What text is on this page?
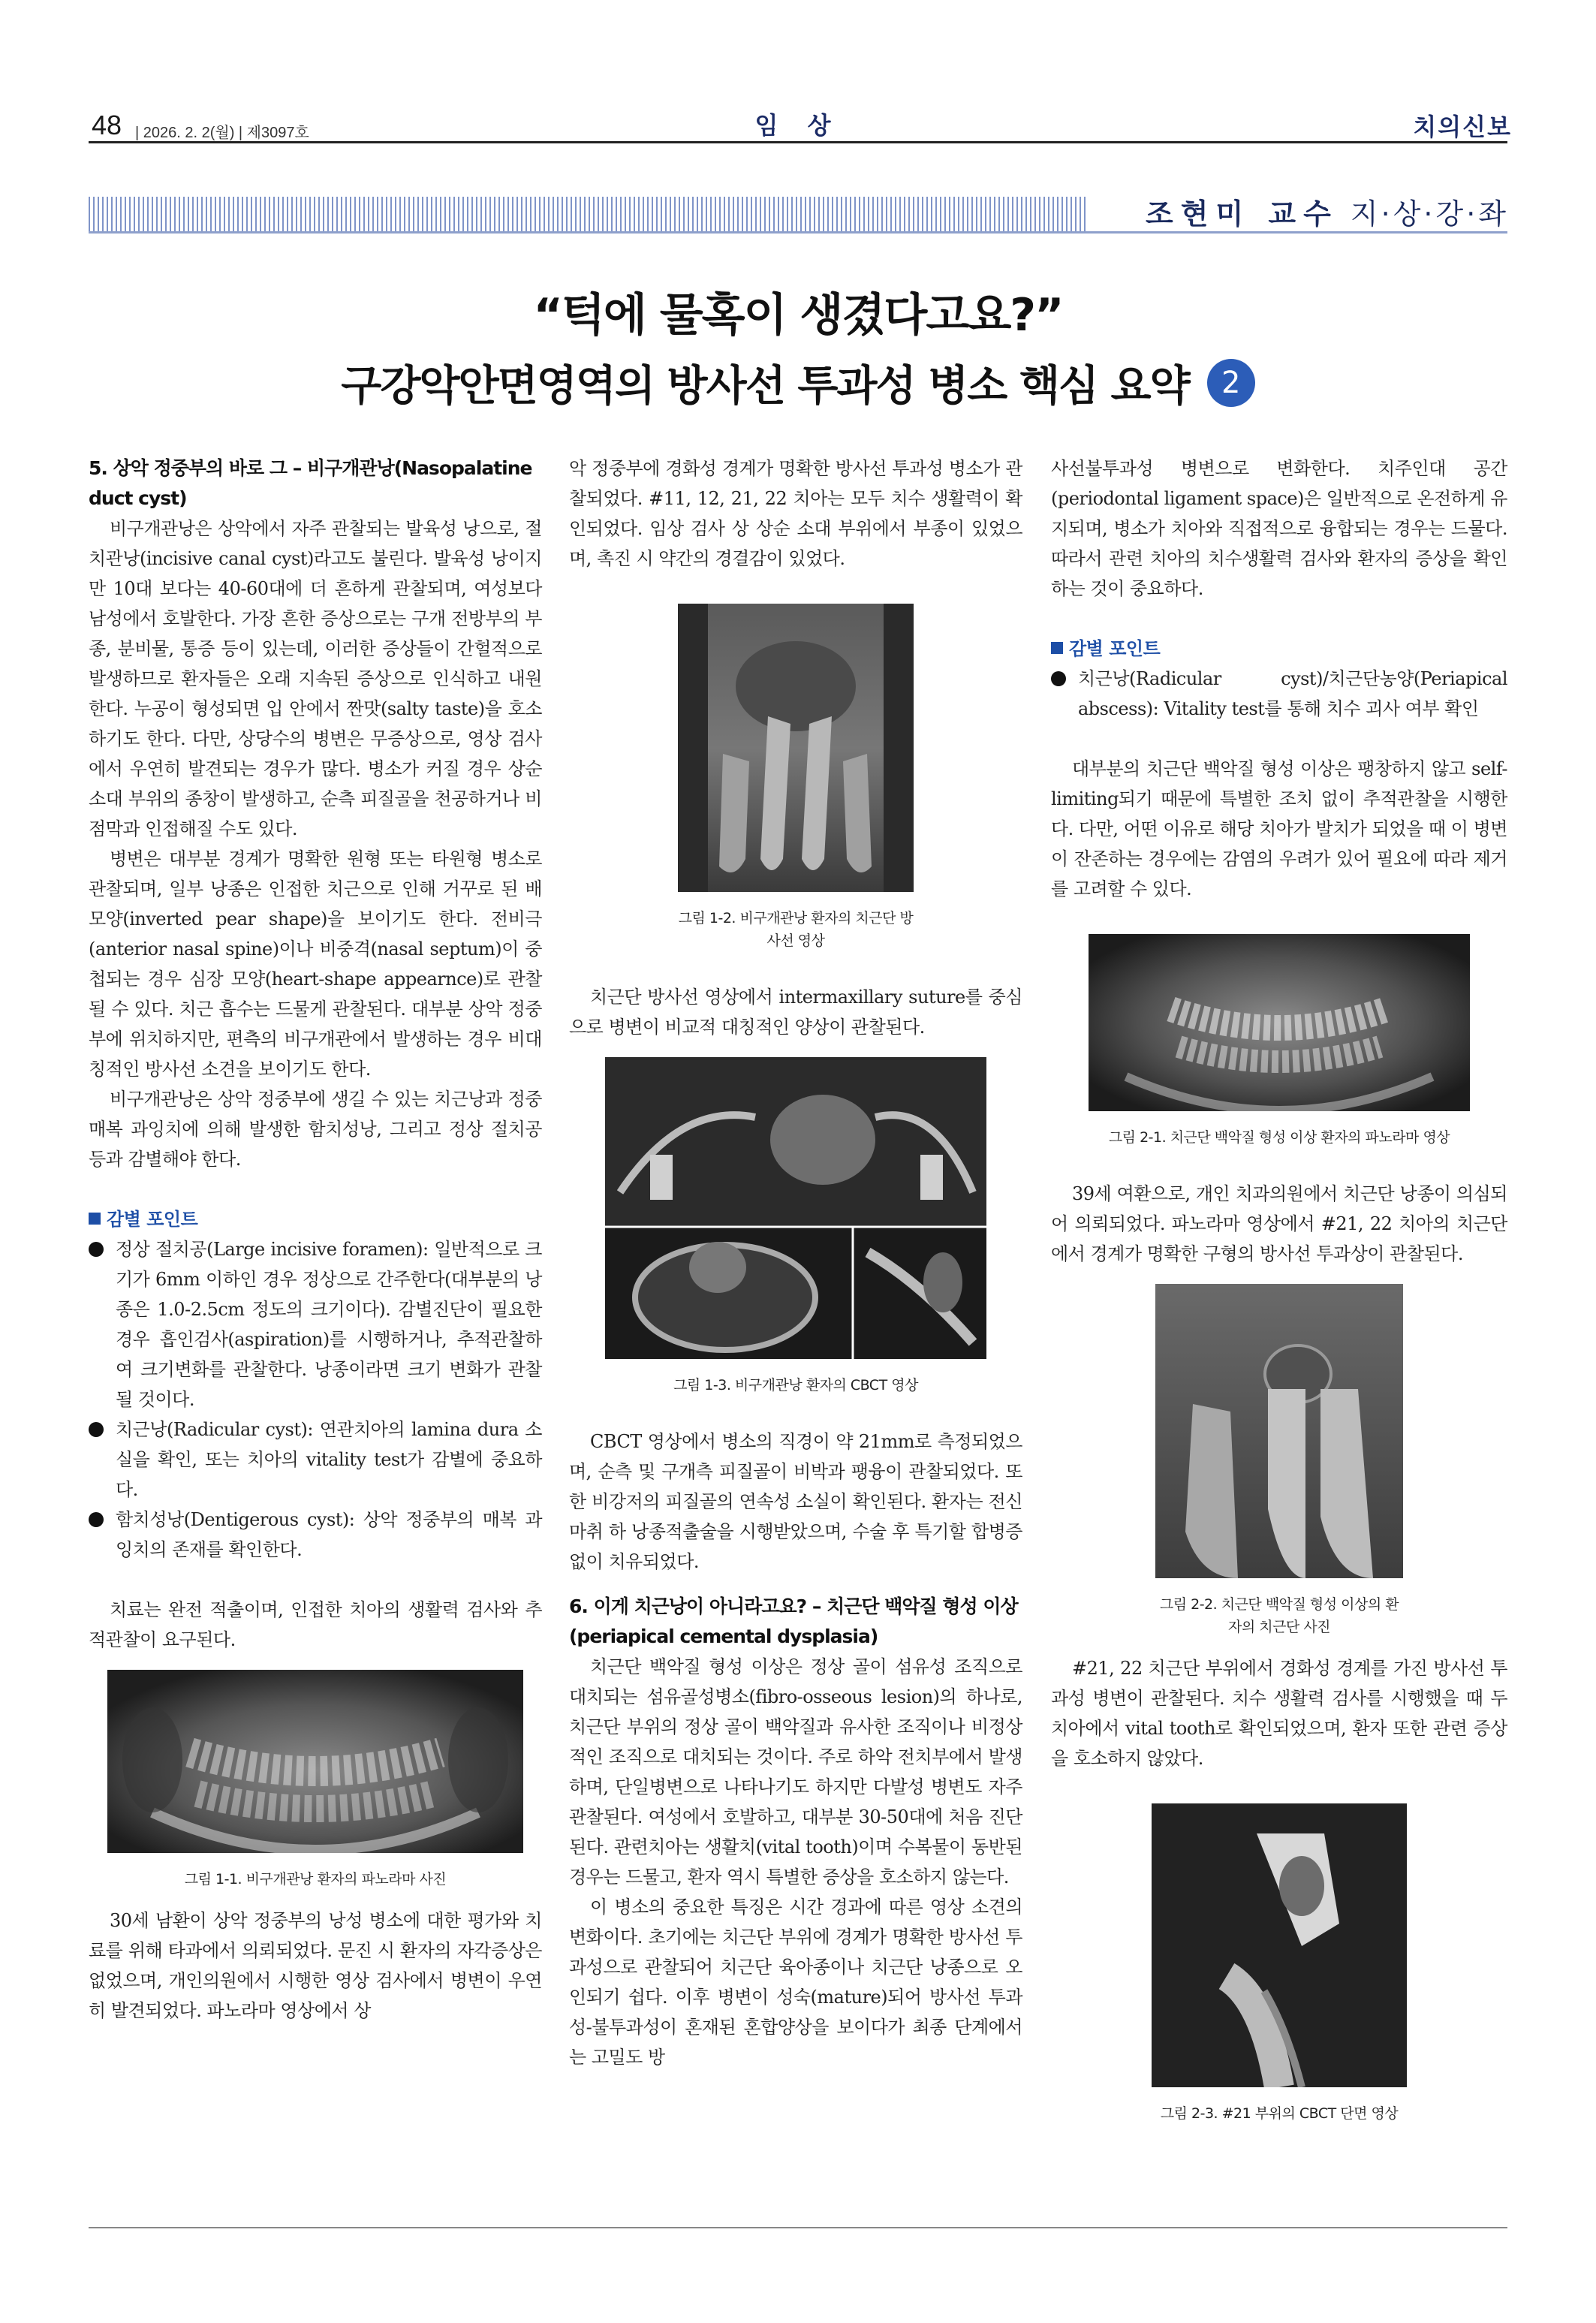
48 | 2026. 2. 2(월) | 제3097호	임 상	치의신보
조현미 교수 지·상·강·좌
“턱에 물혹이 생겼다고요?”
구강악안면영역의 방사선 투과성 병소 핵심 요약 2
5. 상악 정중부의 바로 그 – 비구개관낭(Nasopalatine duct cyst)

비구개관낭은 상악에서 자주 관찰되는 발육성 낭으로, 절치관낭(incisive canal cyst)라고도 불린다. 발육성 낭이지만 10대 보다는 40-60대에 더 흔하게 관찰되며, 여성보다 남성에서 호발한다. 가장 흔한 증상으로는 구개 전방부의 부종, 분비물, 통증 등이 있는데, 이러한 증상들이 간헐적으로 발생하므로 환자들은 오래 지속된 증상으로 인식하고 내원한다. 누공이 형성되면 입 안에서 짠맛(salty taste)을 호소하기도 한다. 다만, 상당수의 병변은 무증상으로, 영상 검사에서 우연히 발견되는 경우가 많다. 병소가 커질 경우 상순 소대 부위의 종창이 발생하고, 순측 피질골을 천공하거나 비점막과 인접해질 수도 있다.

병변은 대부분 경계가 명확한 원형 또는 타원형 병소로 관찰되며, 일부 낭종은 인접한 치근으로 인해 거꾸로 된 배 모양(inverted pear shape)을 보이기도 한다. 전비극(anterior nasal spine)이나 비중격(nasal septum)이 중첩되는 경우 심장 모양(heart-shape appearnce)로 관찰될 수 있다. 치근 흡수는 드물게 관찰된다. 대부분 상악 정중부에 위치하지만, 편측의 비구개관에서 발생하는 경우 비대칭적인 방사선 소견을 보이기도 한다.

비구개관낭은 상악 정중부에 생길 수 있는 치근낭과 정중 매복 과잉치에 의해 발생한 함치성낭, 그리고 정상 절치공 등과 감별해야 한다.

감별 포인트
정상 절치공(Large incisive foramen): 일반적으로 크기가 6mm 이하인 경우 정상으로 간주한다(대부분의 낭종은 1.0-2.5cm 정도의 크기이다). 감별진단이 필요한 경우 흡인검사(aspiration)를 시행하거나, 추적관찰하여 크기변화를 관찰한다. 낭종이라면 크기 변화가 관찰될 것이다.
치근낭(Radicular cyst): 연관치아의 lamina dura 소실을 확인, 또는 치아의 vitality test가 감별에 중요하다.
함치성낭(Dentigerous cyst): 상악 정중부의 매복 과잉치의 존재를 확인한다.

치료는 완전 적출이며, 인접한 치아의 생활력 검사와 추적관찰이 요구된다.

그림 1-1. 비구개관낭 환자의 파노라마 사진

30세 남환이 상악 정중부의 낭성 병소에 대한 평가와 치료를 위해 타과에서 의뢰되었다. 문진 시 환자의 자각증상은 없었으며, 개인의원에서 시행한 영상 검사에서 병변이 우연히 발견되었다. 파노라마 영상에서 상

악 정중부에 경화성 경계가 명확한 방사선 투과성 병소가 관찰되었다. #11, 12, 21, 22 치아는 모두 치수 생활력이 확인되었다. 임상 검사 상 상순 소대 부위에서 부종이 있었으며, 촉진 시 약간의 경결감이 있었다.

그림 1-2. 비구개관낭 환자의 치근단 방사선 영상

치근단 방사선 영상에서 intermaxillary suture를 중심으로 병변이 비교적 대칭적인 양상이 관찰된다.

그림 1-3. 비구개관낭 환자의 CBCT 영상

CBCT 영상에서 병소의 직경이 약 21mm로 측정되었으며, 순측 및 구개측 피질골이 비박과 팽융이 관찰되었다. 또한 비강저의 피질골의 연속성 소실이 확인된다. 환자는 전신마취 하 낭종적출술을 시행받았으며, 수술 후 특기할 합병증 없이 치유되었다.

6. 이게 치근낭이 아니라고요? – 치근단 백악질 형성 이상(periapical cemental dysplasia)

치근단 백악질 형성 이상은 정상 골이 섬유성 조직으로 대치되는 섬유골성병소(fibro-osseous lesion)의 하나로, 치근단 부위의 정상 골이 백악질과 유사한 조직이나 비정상적인 조직으로 대치되는 것이다. 주로 하악 전치부에서 발생하며, 단일병변으로 나타나기도 하지만 다발성 병변도 자주 관찰된다. 여성에서 호발하고, 대부분 30-50대에 처음 진단된다. 관련치아는 생활치(vital tooth)이며 수복물이 동반된 경우는 드물고, 환자 역시 특별한 증상을 호소하지 않는다.

이 병소의 중요한 특징은 시간 경과에 따른 영상 소견의 변화이다. 초기에는 치근단 부위에 경계가 명확한 방사선 투과성으로 관찰되어 치근단 육아종이나 치근단 낭종으로 오인되기 쉽다. 이후 병변이 성숙(mature)되어 방사선 투과성-불투과성이 혼재된 혼합양상을 보이다가 최종 단계에서는 고밀도 방

사선불투과성 병변으로 변화한다. 치주인대 공간(periodontal ligament space)은 일반적으로 온전하게 유지되며, 병소가 치아와 직접적으로 융합되는 경우는 드물다. 따라서 관련 치아의 치수생활력 검사와 환자의 증상을 확인하는 것이 중요하다.

감별 포인트
치근낭(Radicular cyst)/치근단농양(Periapical abscess): Vitality test를 통해 치수 괴사 여부 확인

대부분의 치근단 백악질 형성 이상은 팽창하지 않고 self-limiting되기 때문에 특별한 조치 없이 추적관찰을 시행한다. 다만, 어떤 이유로 해당 치아가 발치가 되었을 때 이 병변이 잔존하는 경우에는 감염의 우려가 있어 필요에 따라 제거를 고려할 수 있다.

그림 2-1. 치근단 백악질 형성 이상 환자의 파노라마 영상

39세 여환으로, 개인 치과의원에서 치근단 낭종이 의심되어 의뢰되었다. 파노라마 영상에서 #21, 22 치아의 치근단에서 경계가 명확한 구형의 방사선 투과상이 관찰된다.

그림 2-2. 치근단 백악질 형성 이상의 환자의 치근단 사진

#21, 22 치근단 부위에서 경화성 경계를 가진 방사선 투과성 병변이 관찰된다. 치수 생활력 검사를 시행했을 때 두 치아에서 vital tooth로 확인되었으며, 환자 또한 관련 증상을 호소하지 않았다.

그림 2-3. #21 부위의 CBCT 단면 영상
